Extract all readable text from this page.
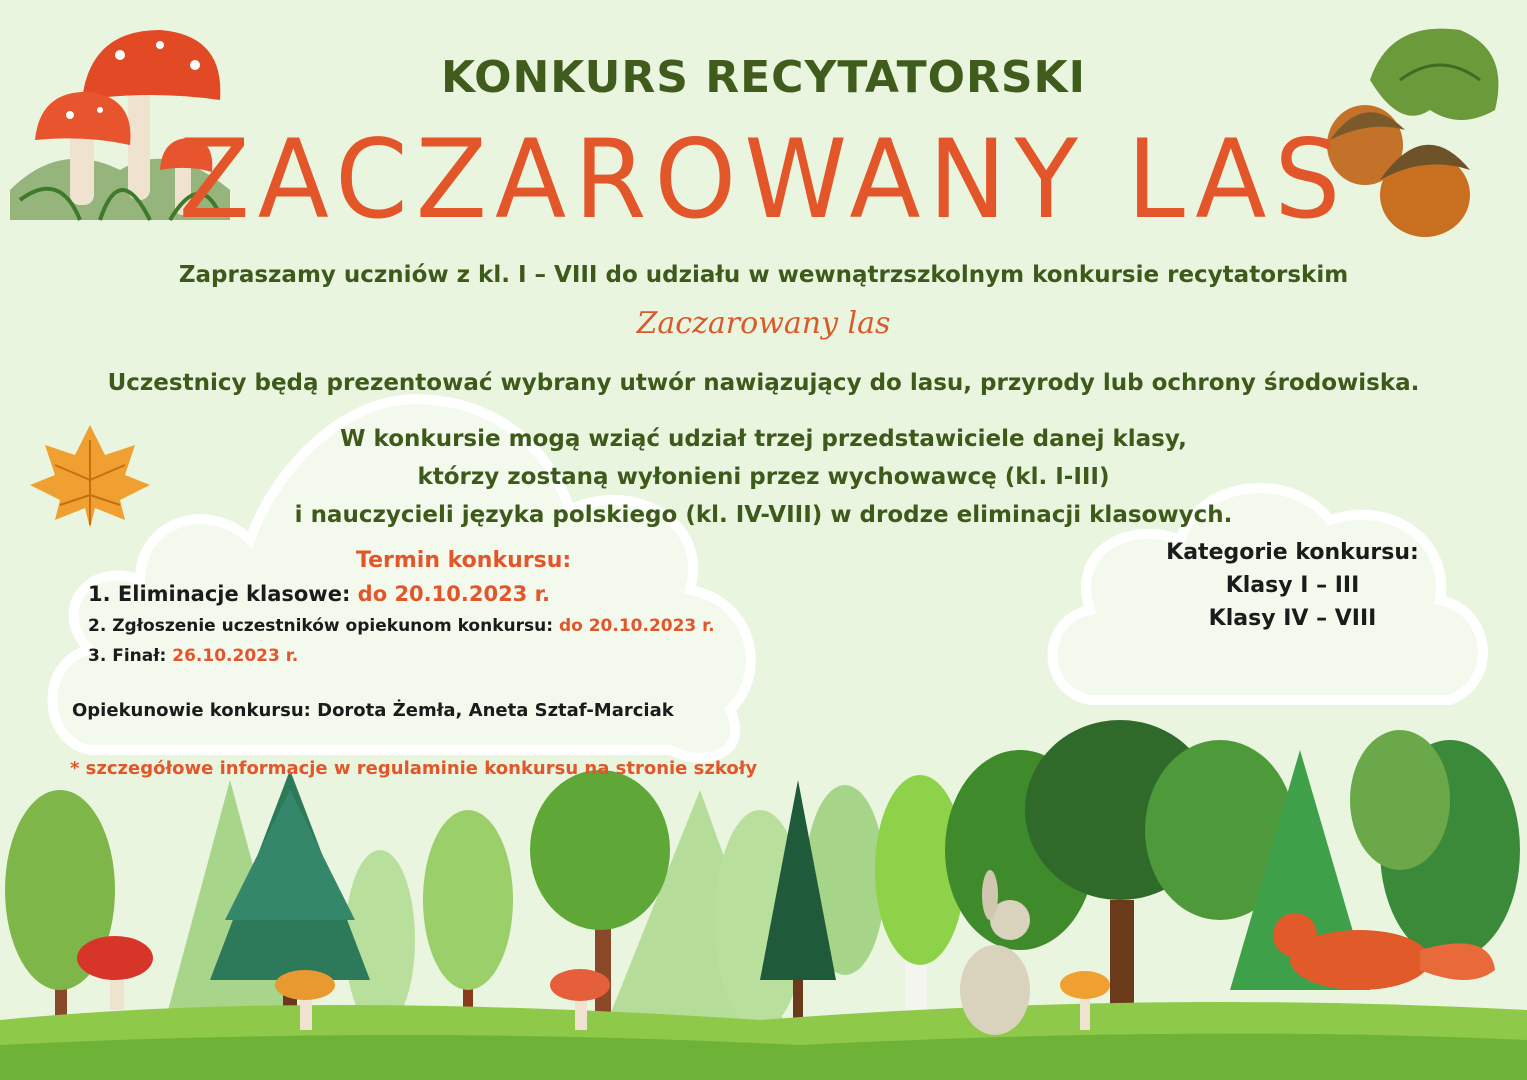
KONKURS RECYTATORSKI
ZACZAROWANY LAS
Zapraszamy uczniów z kl. I – VIII do udziału w wewnątrzszkolnym konkursie recytatorskim
Zaczarowany las
Uczestnicy będą prezentować wybrany utwór nawiązujący do lasu, przyrody lub ochrony środowiska.
W konkursie mogą wziąć udział trzej przedstawiciele danej klasy,
którzy zostaną wyłonieni przez wychowawcę (kl. I-III)
i nauczycieli języka polskiego (kl. IV-VIII) w drodze eliminacji klasowych.
Termin konkursu:
1. Eliminacje klasowe: do 20.10.2023 r.
2. Zgłoszenie uczestników opiekunom konkursu: do 20.10.2023 r.
3. Finał: 26.10.2023 r.
Opiekunowie konkursu: Dorota Żemła, Aneta Sztaf-Marciak
* szczegółowe informacje w regulaminie konkursu na stronie szkoły
Kategorie konkursu:
Klasy I – III
Klasy IV – VIII
